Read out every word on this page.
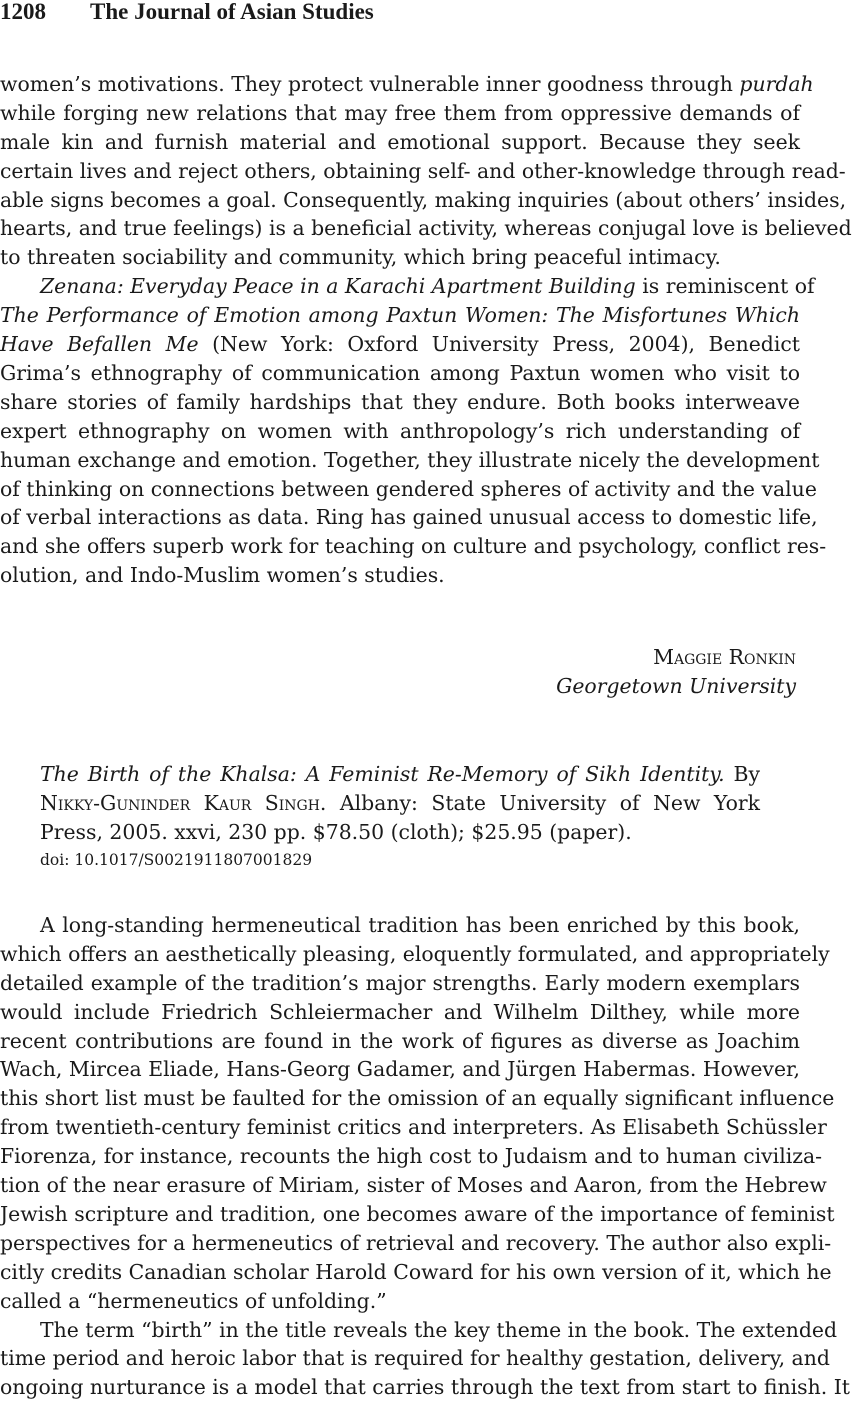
1208 The Journal of Asian Studies
women’s motivations. They protect vulnerable inner goodness through purdah
while forging new relations that may free them from oppressive demands of
male kin and furnish material and emotional support. Because they seek
certain lives and reject others, obtaining self- and other-knowledge through read-
able signs becomes a goal. Consequently, making inquiries (about others’ insides,
hearts, and true feelings) is a beneficial activity, whereas conjugal love is believed
to threaten sociability and community, which bring peaceful intimacy.
Zenana: Everyday Peace in a Karachi Apartment Building is reminiscent of
The Performance of Emotion among Paxtun Women: The Misfortunes Which
Have Befallen Me (New York: Oxford University Press, 2004), Benedict
Grima’s ethnography of communication among Paxtun women who visit to
share stories of family hardships that they endure. Both books interweave
expert ethnography on women with anthropology’s rich understanding of
human exchange and emotion. Together, they illustrate nicely the development
of thinking on connections between gendered spheres of activity and the value
of verbal interactions as data. Ring has gained unusual access to domestic life,
and she offers superb work for teaching on culture and psychology, conflict res-
olution, and Indo-Muslim women’s studies.
Maggie Ronkin
Georgetown University
The Birth of the Khalsa: A Feminist Re-Memory of Sikh Identity. By
Nikky-Guninder Kaur Singh. Albany: State University of New York
Press, 2005. xxvi, 230 pp. $78.50 (cloth); $25.95 (paper).
doi: 10.1017/S0021911807001829
A long-standing hermeneutical tradition has been enriched by this book,
which offers an aesthetically pleasing, eloquently formulated, and appropriately
detailed example of the tradition’s major strengths. Early modern exemplars
would include Friedrich Schleiermacher and Wilhelm Dilthey, while more
recent contributions are found in the work of figures as diverse as Joachim
Wach, Mircea Eliade, Hans-Georg Gadamer, and Jürgen Habermas. However,
this short list must be faulted for the omission of an equally significant influence
from twentieth-century feminist critics and interpreters. As Elisabeth Schüssler
Fiorenza, for instance, recounts the high cost to Judaism and to human civiliza-
tion of the near erasure of Miriam, sister of Moses and Aaron, from the Hebrew
Jewish scripture and tradition, one becomes aware of the importance of feminist
perspectives for a hermeneutics of retrieval and recovery. The author also expli-
citly credits Canadian scholar Harold Coward for his own version of it, which he
called a “hermeneutics of unfolding.”
The term “birth” in the title reveals the key theme in the book. The extended
time period and heroic labor that is required for healthy gestation, delivery, and
ongoing nurturance is a model that carries through the text from start to finish. It
